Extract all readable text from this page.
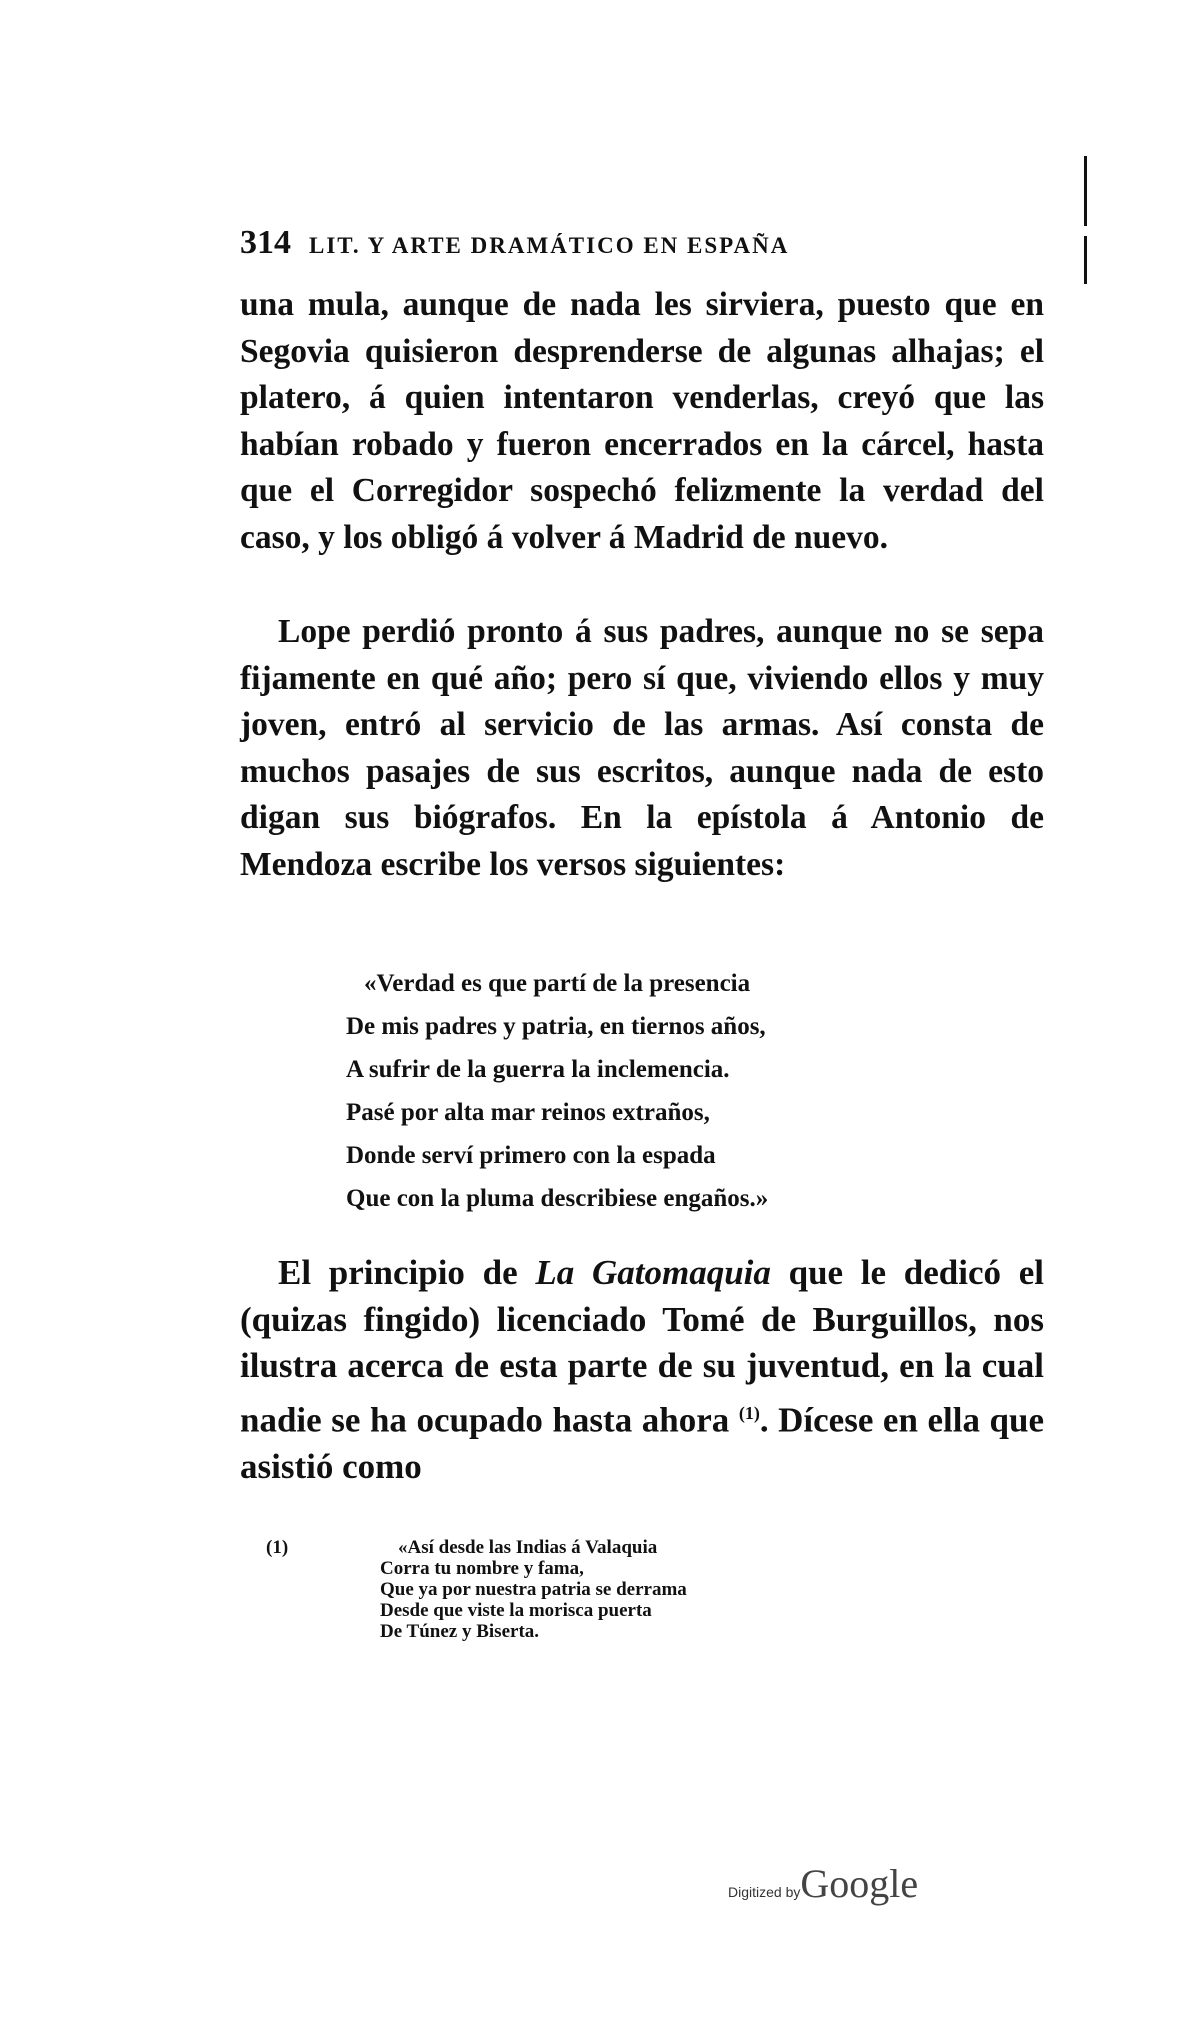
314 LIT. Y ARTE DRAMÁTICO EN ESPAÑA

una mula, aunque de nada les sirviera, puesto que en Segovia quisieron desprenderse de algunas alhajas; el platero, á quien intentaron venderlas, creyó que las habían robado y fueron encerrados en la cárcel, hasta que el Corregidor sospechó felizmente la verdad del caso, y los obligó á volver á Madrid de nuevo.

Lope perdió pronto á sus padres, aunque no se sepa fijamente en qué año; pero sí que, viviendo ellos y muy joven, entró al servicio de las armas. Así consta de muchos pasajes de sus escritos, aunque nada de esto digan sus biógrafos. En la epístola á Antonio de Mendoza escribe los versos siguientes:

«Verdad es que partí de la presencia
De mis padres y patria, en tiernos años,
A sufrir de la guerra la inclemencia.
Pasé por alta mar reinos extraños,
Donde serví primero con la espada
Que con la pluma describiese engaños.»

El principio de La Gatomaquia que le dedicó el (quizas fingido) licenciado Tomé de Burguillos, nos ilustra acerca de esta parte de su juventud, en la cual nadie se ha ocupado hasta ahora $^{(1)}$. Dícese en ella que asistió como

(1)	«Así desde las Indias á Valaquia
Corra tu nombre y fama,
Que ya por nuestra patria se derrama
Desde que viste la morisca puerta
De Túnez y Biserta.
Digitized byGoogle
